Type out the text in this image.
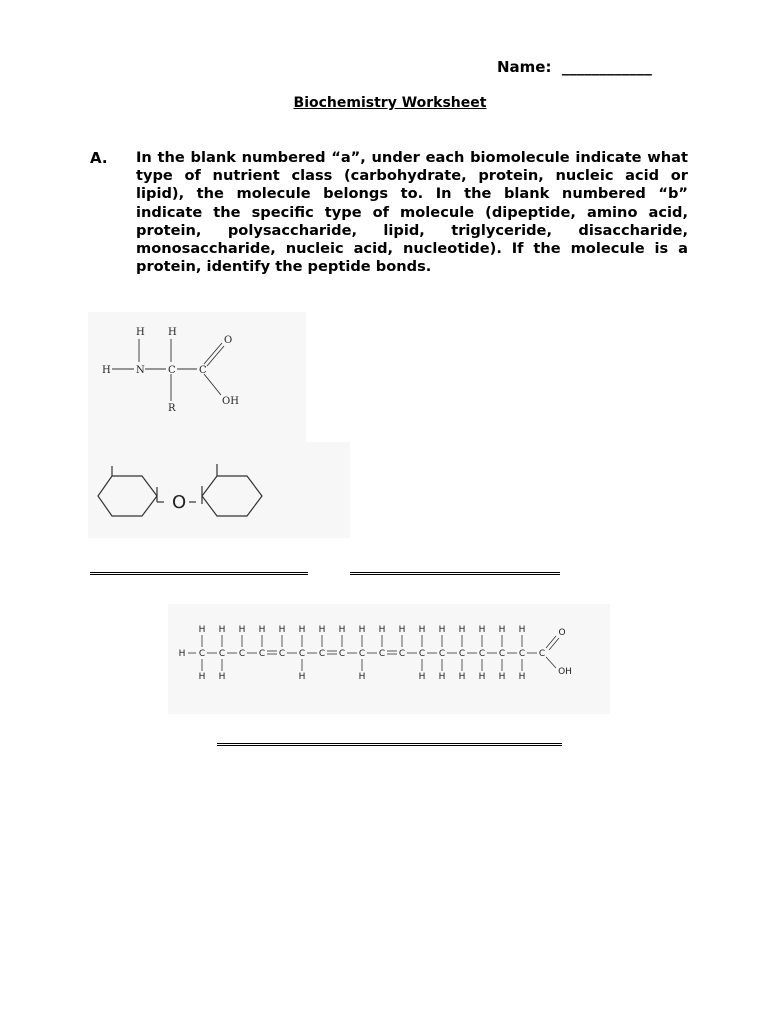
Name:  ____________
Biochemistry Worksheet
A. In the blank numbered “a”, under each biomolecule indicate what type of nutrient class (carbohydrate, protein, nucleic acid or lipid), the molecule belongs to. In the blank numbered “b” indicate the specific type of molecule (dipeptide, amino acid, protein, polysaccharide, lipid, triglyceride, disaccharide, monosaccharide, nucleic acid, nucleotide). If the molecule is a protein, identify the peptide bonds.
H	N C C
H H
R
O
OH
O
H C
H
H
C
H
H
C
H
C
H
C
H
C
H
H
C
H
C
H
C
H
H
C
H
C
H
C
H
H
C
H
H
C
H
H
C
H
H
C
H
H
C
H
H
C
O
OH
